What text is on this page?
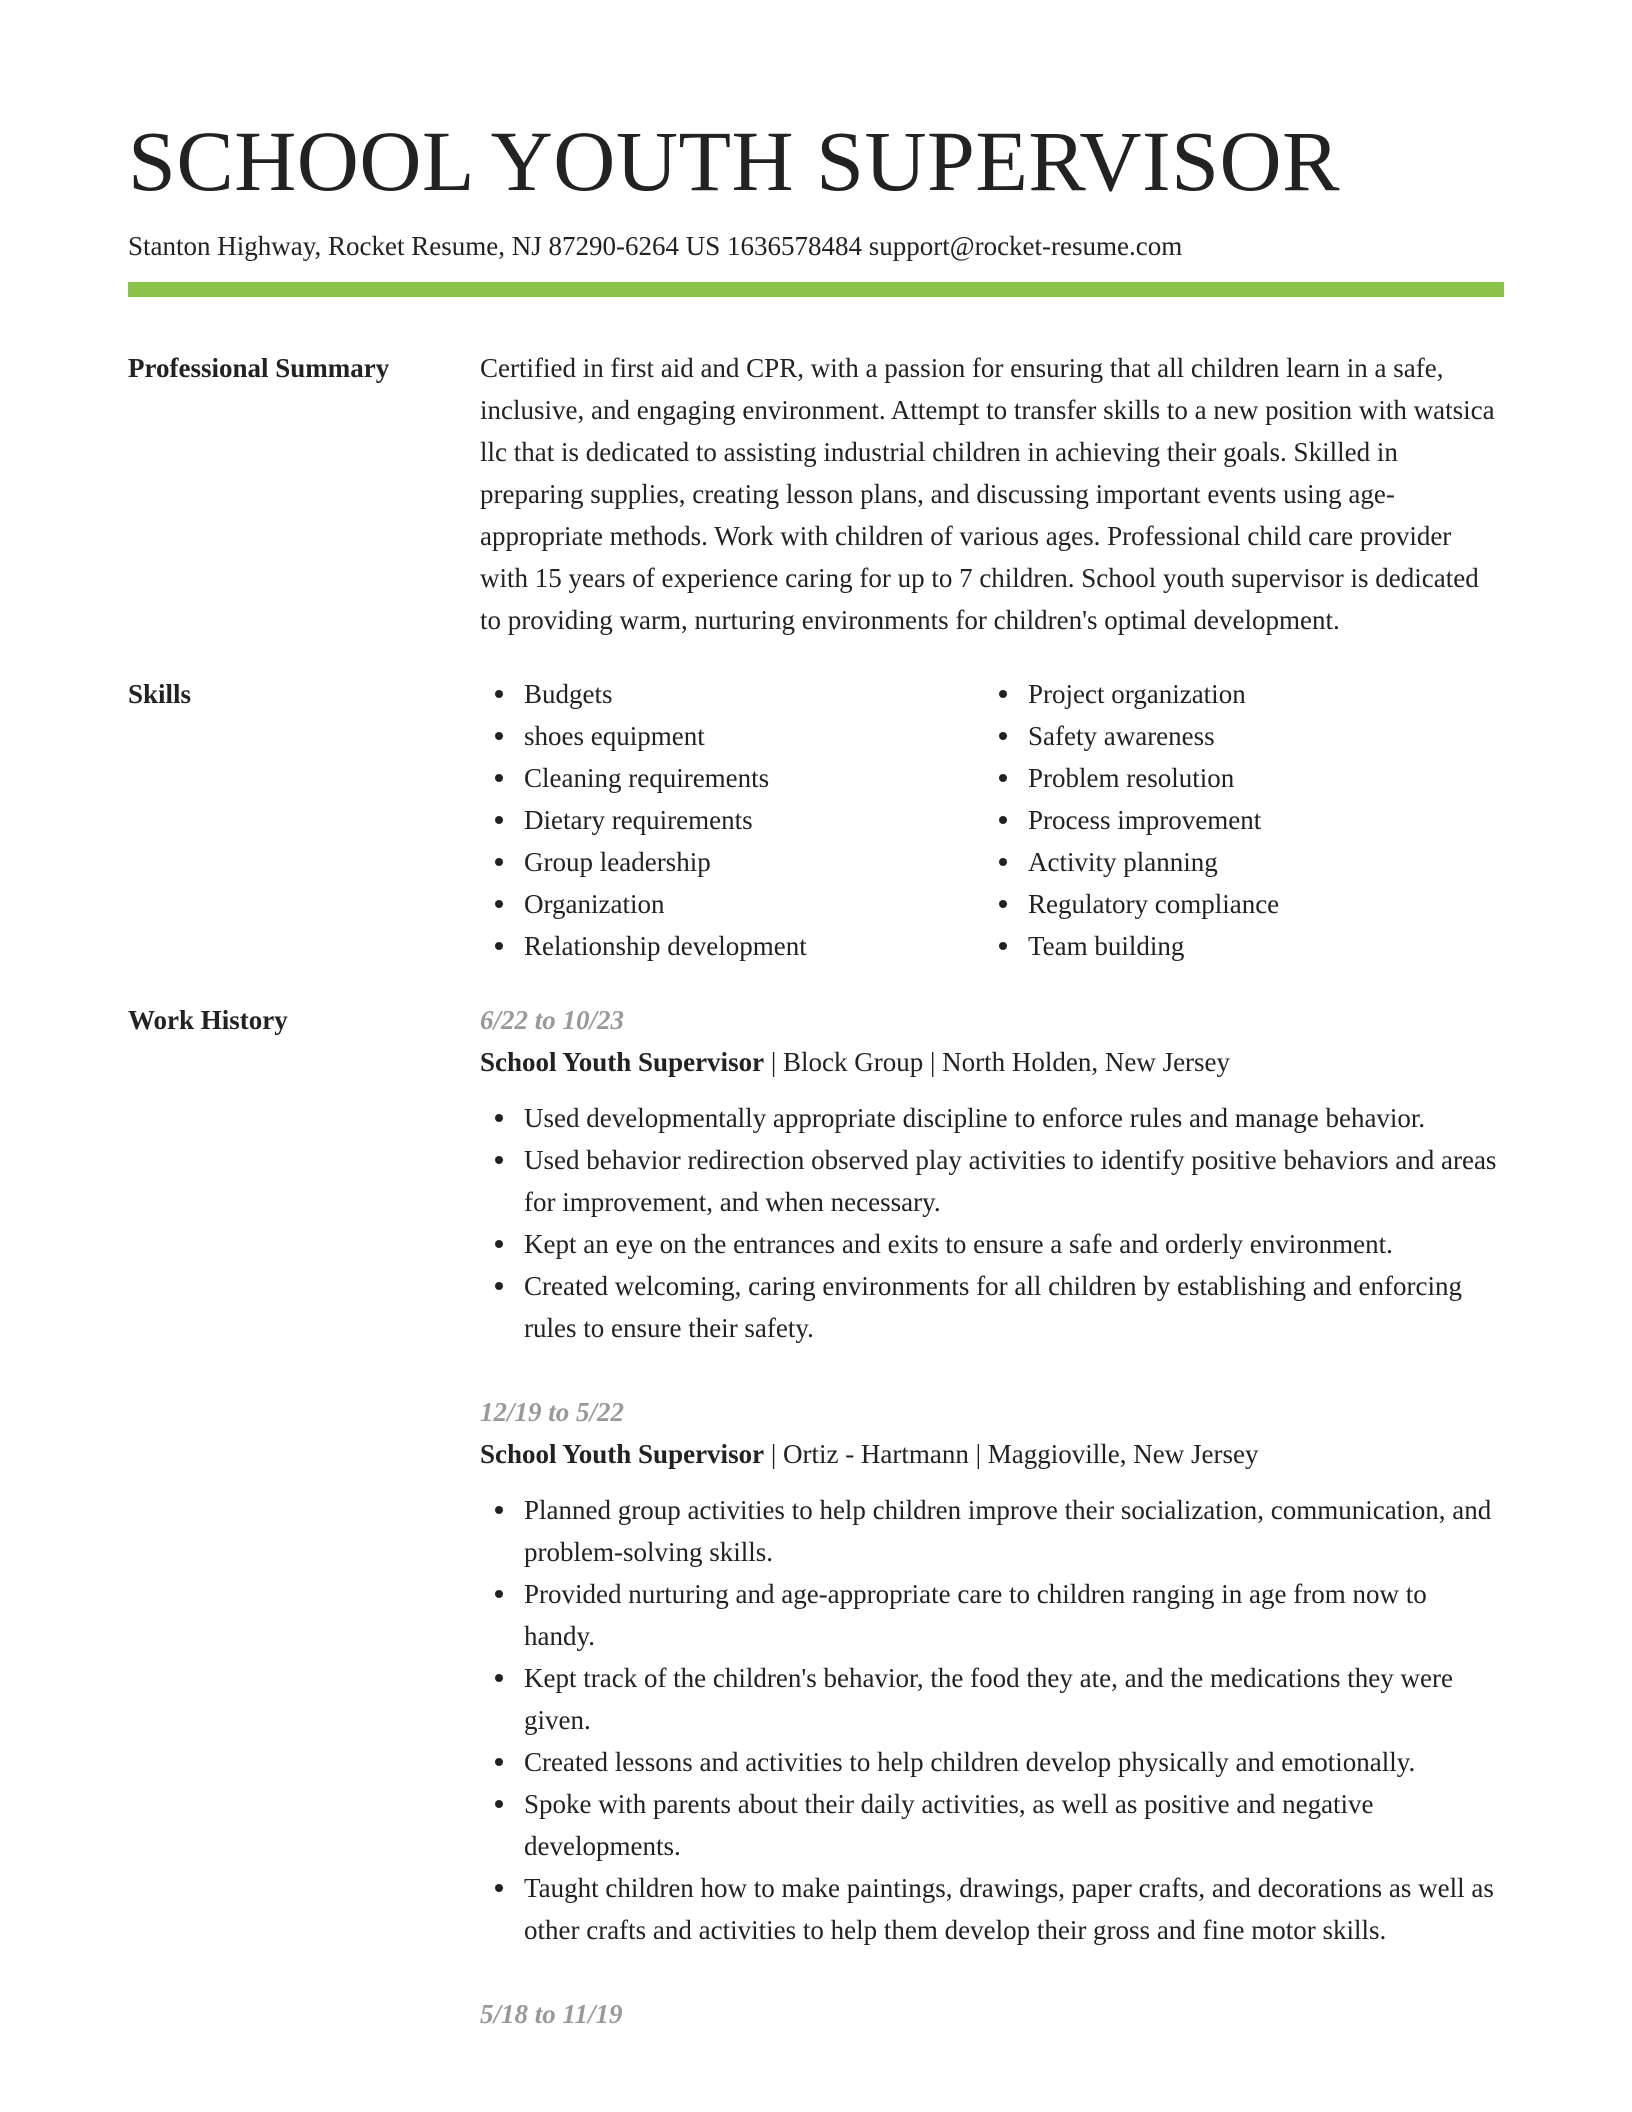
SCHOOL YOUTH SUPERVISOR
Stanton Highway, Rocket Resume, NJ 87290-6264 US 1636578484 support@rocket-resume.com
Professional Summary	Certified in first aid and CPR, with a passion for ensuring that all children learn in a safe, inclusive, and engaging environment. Attempt to transfer skills to a new position with watsica llc that is dedicated to assisting industrial children in achieving their goals. Skilled in preparing supplies, creating lesson plans, and discussing important events using age-appropriate methods. Work with children of various ages. Professional child care provider with 15 years of experience caring for up to 7 children. School youth supervisor is dedicated to providing warm, nurturing environments for children's optimal development.

Skills	Budgets
shoes equipment
Cleaning requirements
Dietary requirements
Group leadership
Organization
Relationship development
Project organization
Safety awareness
Problem resolution
Process improvement
Activity planning
Regulatory compliance
Team building
Work History	6/22 to 10/23
School Youth Supervisor | Block Group | North Holden, New Jersey
Used developmentally appropriate discipline to enforce rules and manage behavior.
Used behavior redirection observed play activities to identify positive behaviors and areas for improvement, and when necessary.
Kept an eye on the entrances and exits to ensure a safe and orderly environment.
Created welcoming, caring environments for all children by establishing and enforcing rules to ensure their safety.
12/19 to 5/22
School Youth Supervisor | Ortiz - Hartmann | Maggioville, New Jersey
Planned group activities to help children improve their socialization, communication, and problem-solving skills.
Provided nurturing and age-appropriate care to children ranging in age from now to handy.
Kept track of the children's behavior, the food they ate, and the medications they were given.
Created lessons and activities to help children develop physically and emotionally.
Spoke with parents about their daily activities, as well as positive and negative developments.
Taught children how to make paintings, drawings, paper crafts, and decorations as well as other crafts and activities to help them develop their gross and fine motor skills.
5/18 to 11/19
